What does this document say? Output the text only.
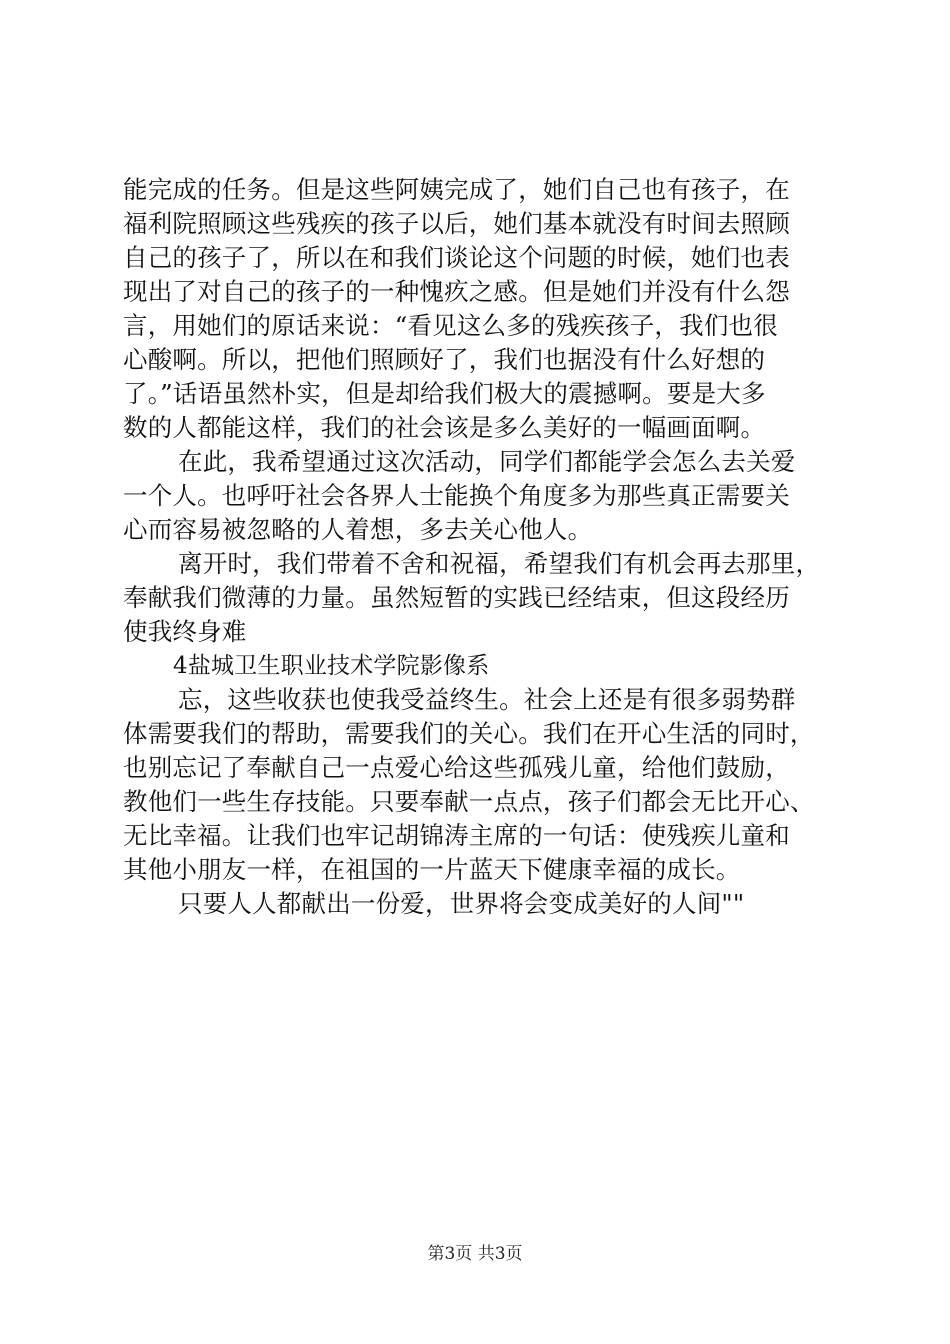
能完成的任务。但是这些阿姨完成了，她们自己也有孩子，在
福利院照顾这些残疾的孩子以后，她们基本就没有时间去照顾
自己的孩子了，所以在和我们谈论这个问题的时候，她们也表
现出了对自己的孩子的一种愧疚之感。但是她们并没有什么怨
言，用她们的原话来说：“看见这么多的残疾孩子，我们也很
心酸啊。所以，把他们照顾好了，我们也据没有什么好想的
了。”话语虽然朴实，但是却给我们极大的震撼啊。要是大多
数的人都能这样，我们的社会该是多么美好的一幅画面啊。
在此，我希望通过这次活动，同学们都能学会怎么去关爱
一个人。也呼吁社会各界人士能换个角度多为那些真正需要关
心而容易被忽略的人着想，多去关心他人。
离开时，我们带着不舍和祝福，希望我们有机会再去那里，
奉献我们微薄的力量。虽然短暂的实践已经结束，但这段经历
使我终身难
4盐城卫生职业技术学院影像系
忘，这些收获也使我受益终生。社会上还是有很多弱势群
体需要我们的帮助，需要我们的关心。我们在开心生活的同时，
也别忘记了奉献自己一点爱心给这些孤残儿童，给他们鼓励，
教他们一些生存技能。只要奉献一点点，孩子们都会无比开心、
无比幸福。让我们也牢记胡锦涛主席的一句话：使残疾儿童和
其他小朋友一样，在祖国的一片蓝天下健康幸福的成长。
只要人人都献出一份爱，世界将会变成美好的人间""
第3页 共3页
